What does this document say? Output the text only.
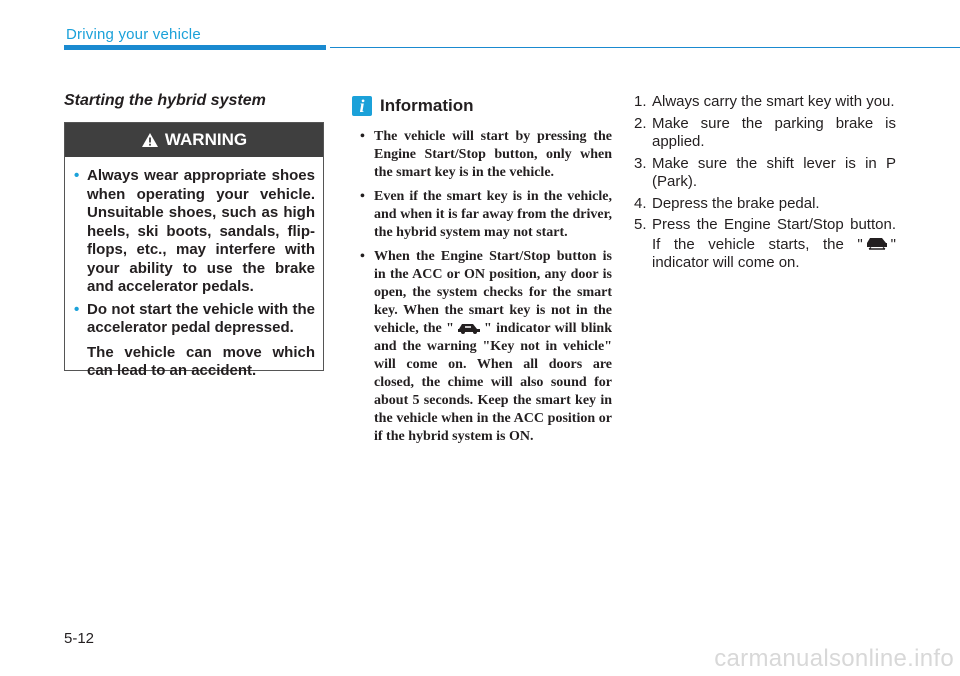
Driving your vehicle
Starting the hybrid system
WARNING
• Always wear appropriate shoes when operating your vehicle. Unsuitable shoes, such as high heels, ski boots, sandals, flip-flops, etc., may interfere with your ability to use the brake and accelerator pedals.
• Do not start the vehicle with the accelerator pedal depressed.
The vehicle can move which can lead to an accident.
i Information
• The vehicle will start by pressing the Engine Start/Stop button, only when the smart key is in the vehicle.
• Even if the smart key is in the vehicle, and when it is far away from the driver, the hybrid system may not start.
• When the Engine Start/Stop button is in the ACC or ON position, any door is open, the system checks for the smart key. When the smart key is not in the vehicle, the " " indicator will blink and the warning "Key not in vehicle" will come on. When all doors are closed, the chime will also sound for about 5 seconds. Keep the smart key in the vehicle when in the ACC position or if the hybrid system is ON.
1. Always carry the smart key with you.
2. Make sure the parking brake is applied.
3. Make sure the shift lever is in P (Park).
4. Depress the brake pedal.
5. Press the Engine Start/Stop button. If the vehicle starts, the " " indicator will come on.
5-12
carmanualsonline.info
